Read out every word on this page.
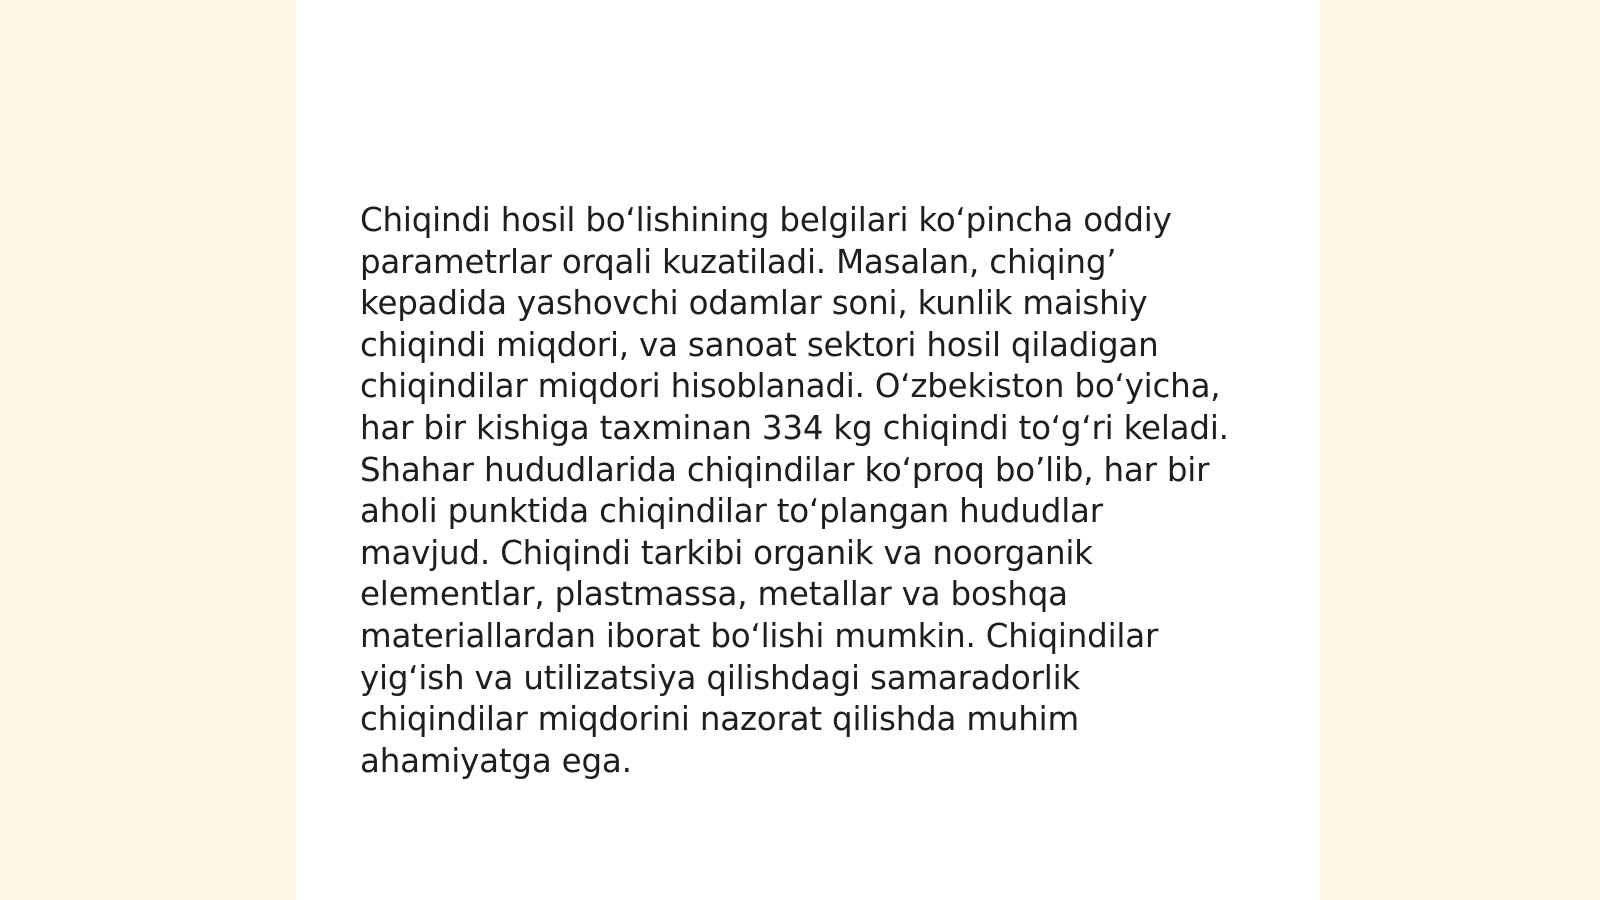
Chiqindi hosil boʻlishining belgilari koʻpincha oddiy
parametrlar orqali kuzatiladi. Masalan, chiqingʼ
kepadida yashovchi odamlar soni, kunlik maishiy
chiqindi miqdori, va sanoat sektori hosil qiladigan
chiqindilar miqdori hisoblanadi. Oʻzbekiston boʻyicha,
har bir kishiga taxminan 334 kg chiqindi toʻgʻri keladi.
Shahar hududlarida chiqindilar koʻproq boʼlib, har bir
aholi punktida chiqindilar toʻplangan hududlar
mavjud. Chiqindi tarkibi organik va noorganik
elementlar, plastmassa, metallar va boshqa
materiallardan iborat boʻlishi mumkin. Chiqindilar
yigʻish va utilizatsiya qilishdagi samaradorlik
chiqindilar miqdorini nazorat qilishda muhim
ahamiyatga ega.
